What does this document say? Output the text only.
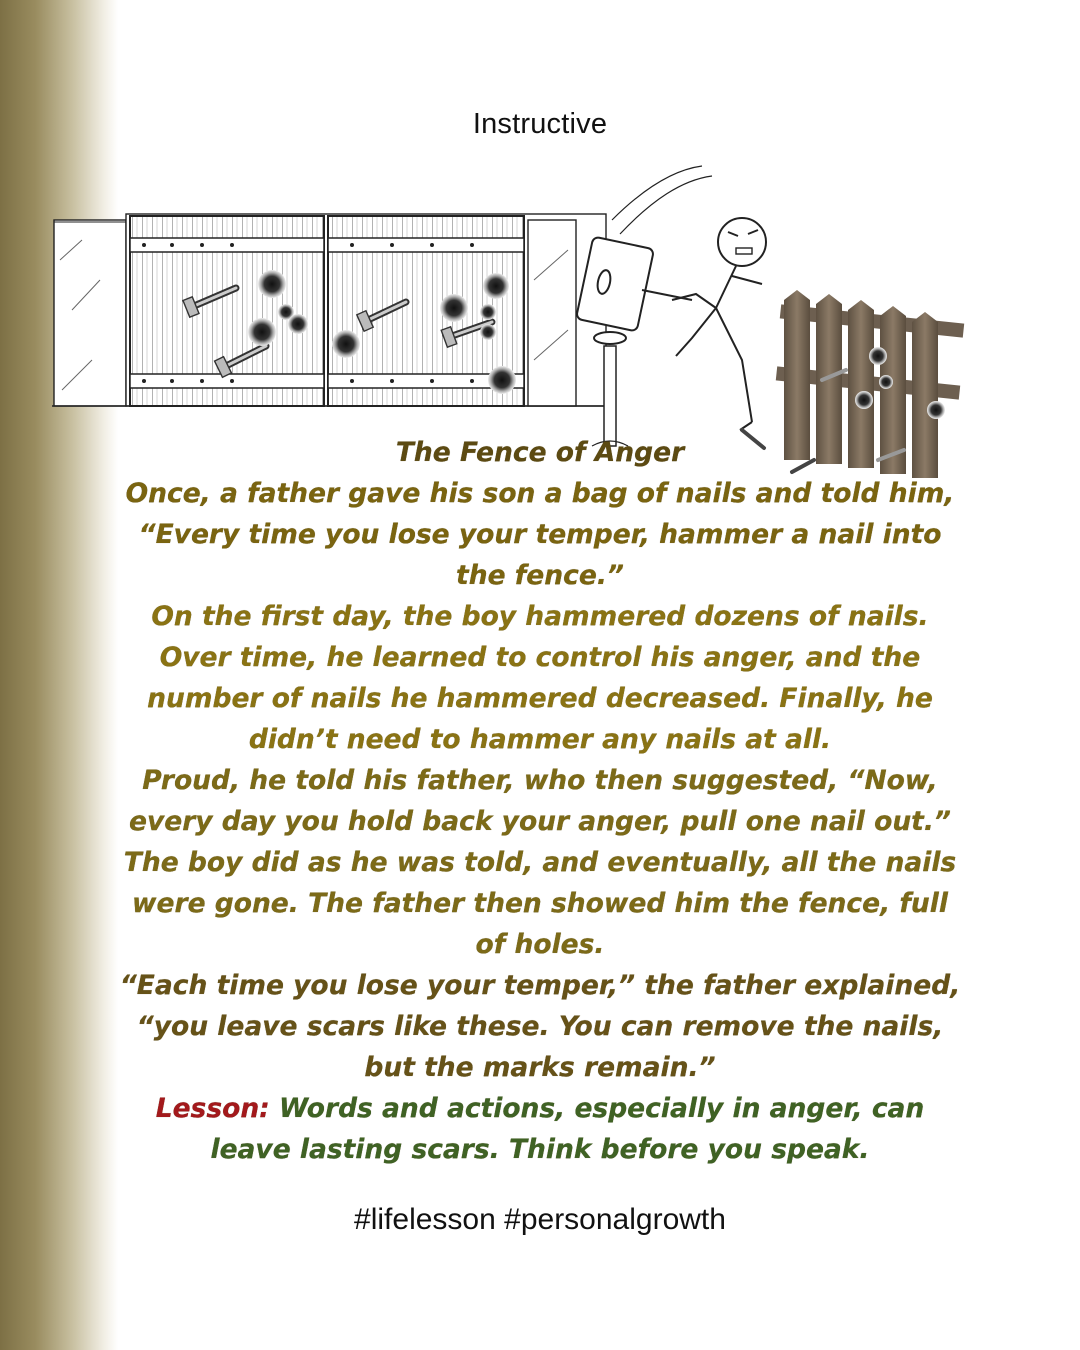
Instructive

The Fence of Anger

Once, a father gave his son a bag of nails and told him, “Every time you lose your temper, hammer a nail into the fence.”

On the first day, the boy hammered dozens of nails. Over time, he learned to control his anger, and the number of nails he hammered decreased. Finally, he didn’t need to hammer any nails at all.

Proud, he told his father, who then suggested, “Now, every day you hold back your anger, pull one nail out.” The boy did as he was told, and eventually, all the nails were gone. The father then showed him the fence, full of holes.

“Each time you lose your temper,” the father explained, “you leave scars like these. You can remove the nails, but the marks remain.”

Lesson: Words and actions, especially in anger, can leave lasting scars. Think before you speak.

#lifelesson #personalgrowth
